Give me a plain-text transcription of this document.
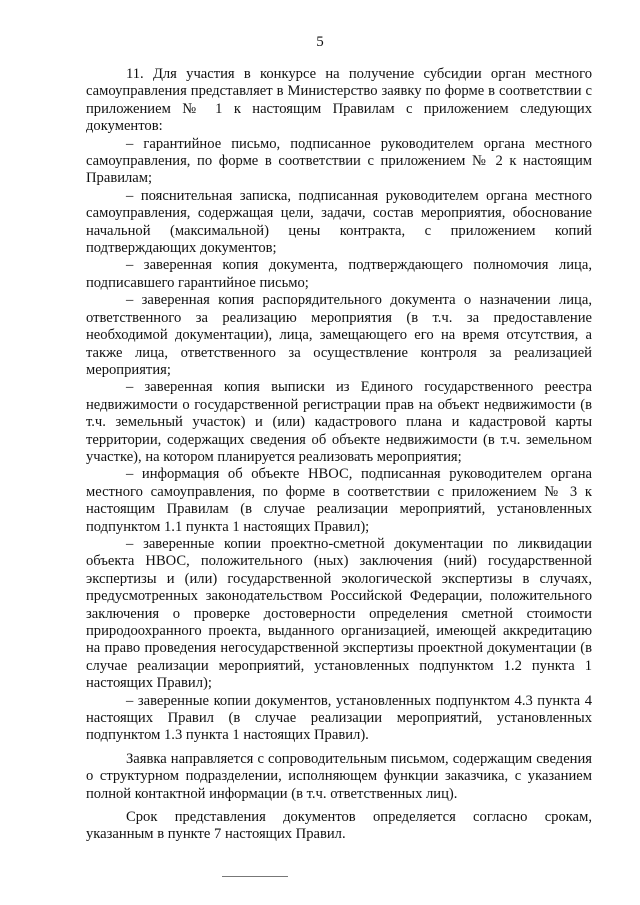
5

11. Для участия в конкурсе на получение субсидии орган местного самоуправления представляет в Министерство заявку по форме в соответствии с приложением № 1 к настоящим Правилам с приложением следующих документов:

– гарантийное письмо, подписанное руководителем органа местного самоуправления, по форме в соответствии с приложением № 2 к настоящим Правилам;

– пояснительная записка, подписанная руководителем органа местного самоуправления, содержащая цели, задачи, состав мероприятия, обоснование начальной (максимальной) цены контракта, с приложением копий подтверждающих документов;

– заверенная копия документа, подтверждающего полномочия лица, подписавшего гарантийное письмо;

– заверенная копия распорядительного документа о назначении лица, ответственного за реализацию мероприятия (в т.ч. за предоставление необходимой документации), лица, замещающего его на время отсутствия, а также лица, ответственного за осуществление контроля за реализацией мероприятия;

– заверенная копия выписки из Единого государственного реестра недвижимости о государственной регистрации прав на объект недвижимости (в т.ч. земельный участок) и (или) кадастрового плана и кадастровой карты территории, содержащих сведения об объекте недвижимости (в т.ч. земельном участке), на котором планируется реализовать мероприятия;

– информация об объекте НВОС, подписанная руководителем органа местного самоуправления, по форме в соответствии с приложением № 3 к настоящим Правилам (в случае реализации мероприятий, установленных подпунктом 1.1 пункта 1 настоящих Правил);

– заверенные копии проектно-сметной документации по ликвидации объекта НВОС, положительного (ных) заключения (ний) государственной экспертизы и (или) государственной экологической экспертизы в случаях, предусмотренных законодательством Российской Федерации, положительного заключения о проверке достоверности определения сметной стоимости природоохранного проекта, выданного организацией, имеющей аккредитацию на право проведения негосударственной экспертизы проектной документации (в случае реализации мероприятий, установленных подпунктом 1.2 пункта 1 настоящих Правил);

– заверенные копии документов, установленных подпунктом 4.3 пункта 4 настоящих Правил (в случае реализации мероприятий, установленных подпунктом 1.3 пункта 1 настоящих Правил).

Заявка направляется с сопроводительным письмом, содержащим сведения о структурном подразделении, исполняющем функции заказчика, с указанием полной контактной информации (в т.ч. ответственных лиц).

Срок представления документов определяется согласно срокам, указанным в пункте 7 настоящих Правил.
